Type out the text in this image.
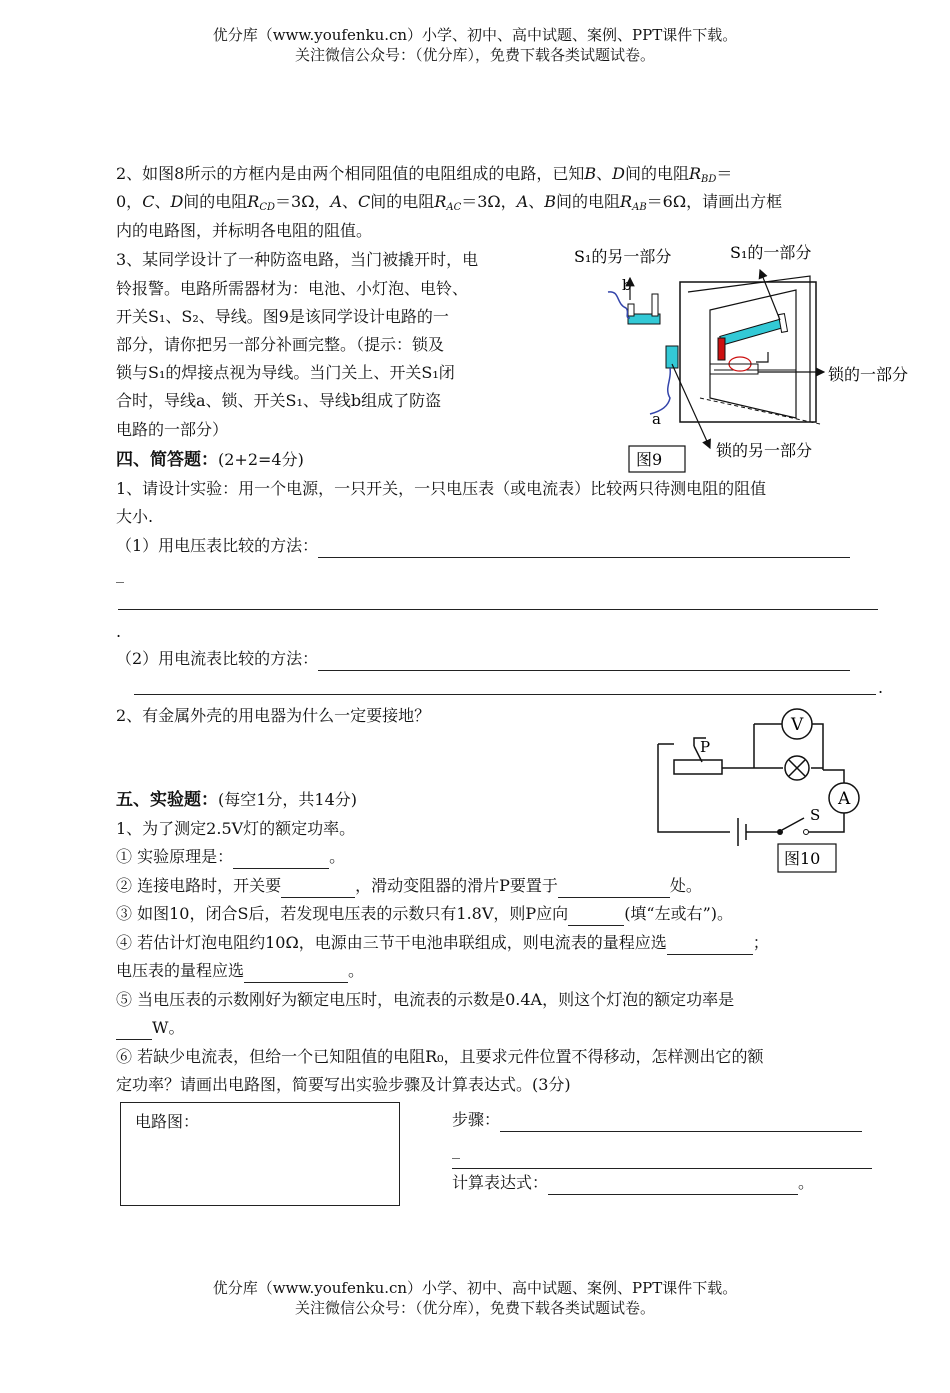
优分库（www.youfenku.cn）小学、初中、高中试题、案例、PPT课件下载。
关注微信公众号：（优分库），免费下载各类试题试卷。
2、如图8所示的方框内是由两个相同阻值的电阻组成的电路，已知B、D间的电阻$R_{BD}=$
0，C、D间的电阻$R_{CD}=3\Omega$，A、C间的电阻$R_{AC}=3\Omega$，A、B间的电阻$R_{AB}=6\Omega$，请画出方框
内的电路图，并标明各电阻的阻值。
3、某同学设计了一种防盗电路，当门被撬开时，电
铃报警。电路所需器材为：电池、小灯泡、电铃、
开关S₁、S₂、导线。图9是该同学设计电路的一
部分，请你把另一部分补画完整。（提示：锁及
锁与S₁的焊接点视为导线。当门关上、开关S₁闭
合时，导线a、锁、开关S₁、导线b组成了防盗
电路的一部分）
S₁的另一部分	S₁的一部分
锁的一部分
锁的另一部分
b
a
图9
四、简答题：(2+2=4分)
1、请设计实验：用一个电源，一只开关，一只电压表（或电流表）比较两只待测电阻的阻值
大小.
（1）用电压表比较的方法：
_
.
（2）用电流表比较的方法：
.
2、有金属外壳的用电器为什么一定要接地？	V
A
P
S
图10
五、实验题：(每空1分，共14分)
1、为了测定2.5V灯的额定功率。
① 实验原理是：	。
② 连接电路时，开关要	，滑动变阻器的滑片P要置于	处。
③ 如图10，闭合S后，若发现电压表的示数只有1.8V，则P应向	(填“左或右”)。
④ 若估计灯泡电阻约10Ω，电源由三节干电池串联组成，则电流表的量程应选	；
电压表的量程应选	。
⑤ 当电压表的示数刚好为额定电压时，电流表的示数是0.4A，则这个灯泡的额定功率是
W。
⑥ 若缺少电流表，但给一个已知阻值的电阻R₀，且要求元件位置不得移动，怎样测出它的额
定功率？请画出电路图，简要写出实验步骤及计算表达式。(3分)
电路图：	步骤：
_
计算表达式：	。
优分库（www.youfenku.cn）小学、初中、高中试题、案例、PPT课件下载。
关注微信公众号：（优分库），免费下载各类试题试卷。
